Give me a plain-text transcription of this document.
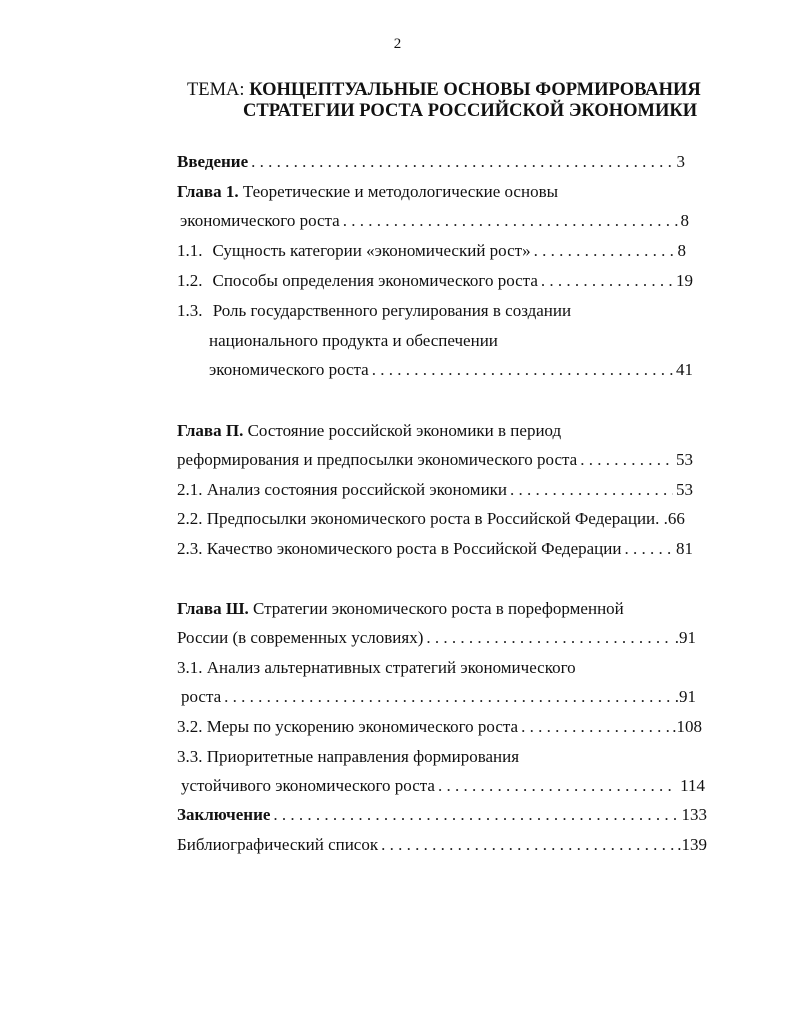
2
ТЕМА: КОНЦЕПТУАЛЬНЫЕ ОСНОВЫ ФОРМИРОВАНИЯ
СТРАТЕГИИ РОСТА РОССИЙСКОЙ ЭКОНОМИКИ
Введение . . .	3
Глава 1. Теоретические и методологические основы
экономического роста . . .	8
1.1. Сущность категории «экономический рост» . . .	8
1.2. Способы определения экономического роста . . .	19
1.3. Роль государственного регулирования в создании
национального продукта и обеспечении
экономического роста . . .	41
Глава П. Состояние российской экономики в период
реформирования и предпосылки экономического роста . . .	53
2.1. Анализ состояния российской экономики . . .	53
2.2. Предпосылки экономического роста в Российской Федерации. .66
2.3. Качество экономического роста в Российской Федерации . . .	81
Глава Ш. Стратегии экономического роста в пореформенной
России (в современных условиях) . . .	.91
3.1. Анализ альтернативных стратегий экономического
роста . . .	.91
3.2. Меры по ускорению экономического роста . . .	.108
3.3. Приоритетные направления формирования
устойчивого экономического роста . . .	114
Заключение . . .	133
Библиографический список . . .	.139
